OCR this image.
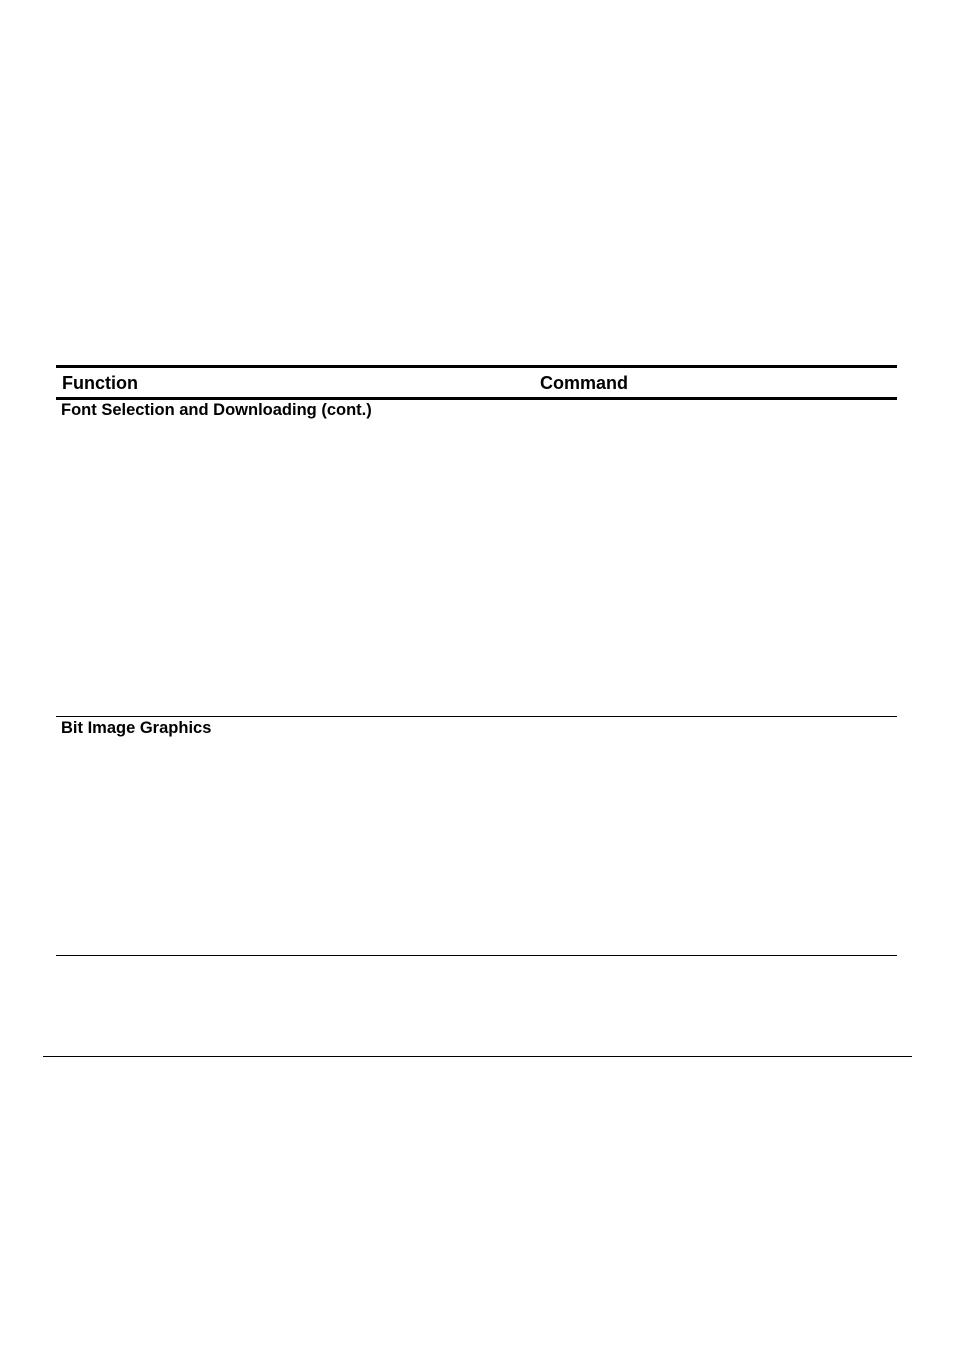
Function	Command
Font Selection and Downloading (cont.)
Bit Image Graphics
